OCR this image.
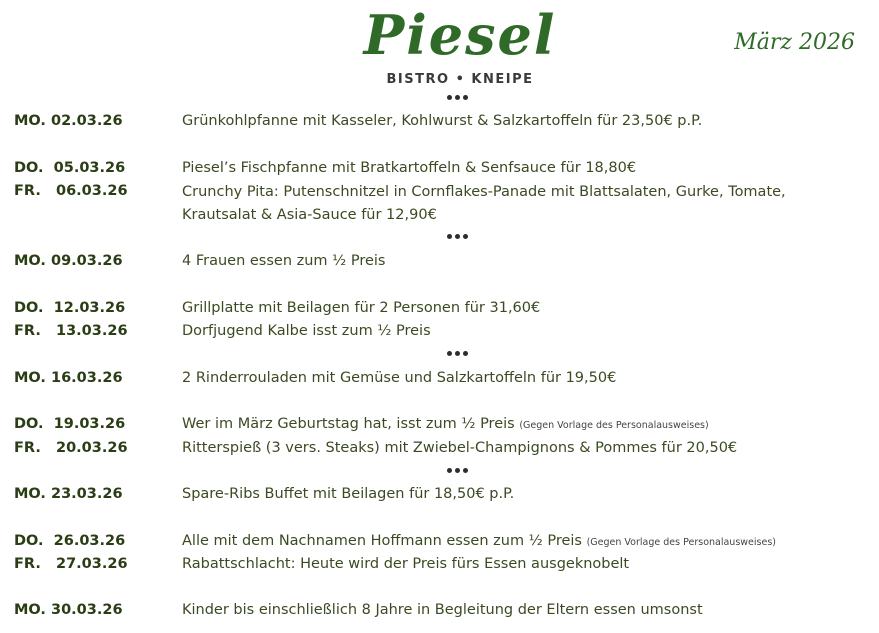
Piesel
BISTRO • KNEIPE
März 2026
MO. 02.03.26	Grünkohlpfanne mit Kasseler, Kohlwurst & Salzkartoffeln für 23,50€ p.P.
DO.  05.03.26	Piesel’s Fischpfanne mit Bratkartoffeln & Senfsauce für 18,80€
FR.   06.03.26	Crunchy Pita: Putenschnitzel in Cornflakes-Panade mit Blattsalaten, Gurke, Tomate, Krautsalat & Asia-Sauce für 12,90€
MO. 09.03.26	4 Frauen essen zum ½ Preis
DO.  12.03.26	Grillplatte mit Beilagen für 2 Personen für 31,60€
FR.   13.03.26	Dorfjugend Kalbe isst zum ½ Preis
MO. 16.03.26	2 Rinderrouladen mit Gemüse und Salzkartoffeln für 19,50€
DO.  19.03.26	Wer im März Geburtstag hat, isst zum ½ Preis (Gegen Vorlage des Personalausweises)
FR.   20.03.26	Ritterspieß (3 vers. Steaks) mit Zwiebel-Champignons & Pommes für 20,50€
MO. 23.03.26	Spare-Ribs Buffet mit Beilagen für 18,50€ p.P.
DO.  26.03.26	Alle mit dem Nachnamen Hoffmann essen zum ½ Preis (Gegen Vorlage des Personalausweises)
FR.   27.03.26	Rabattschlacht: Heute wird der Preis fürs Essen ausgeknobelt
MO. 30.03.26	Kinder bis einschließlich 8 Jahre in Begleitung der Eltern essen umsonst
